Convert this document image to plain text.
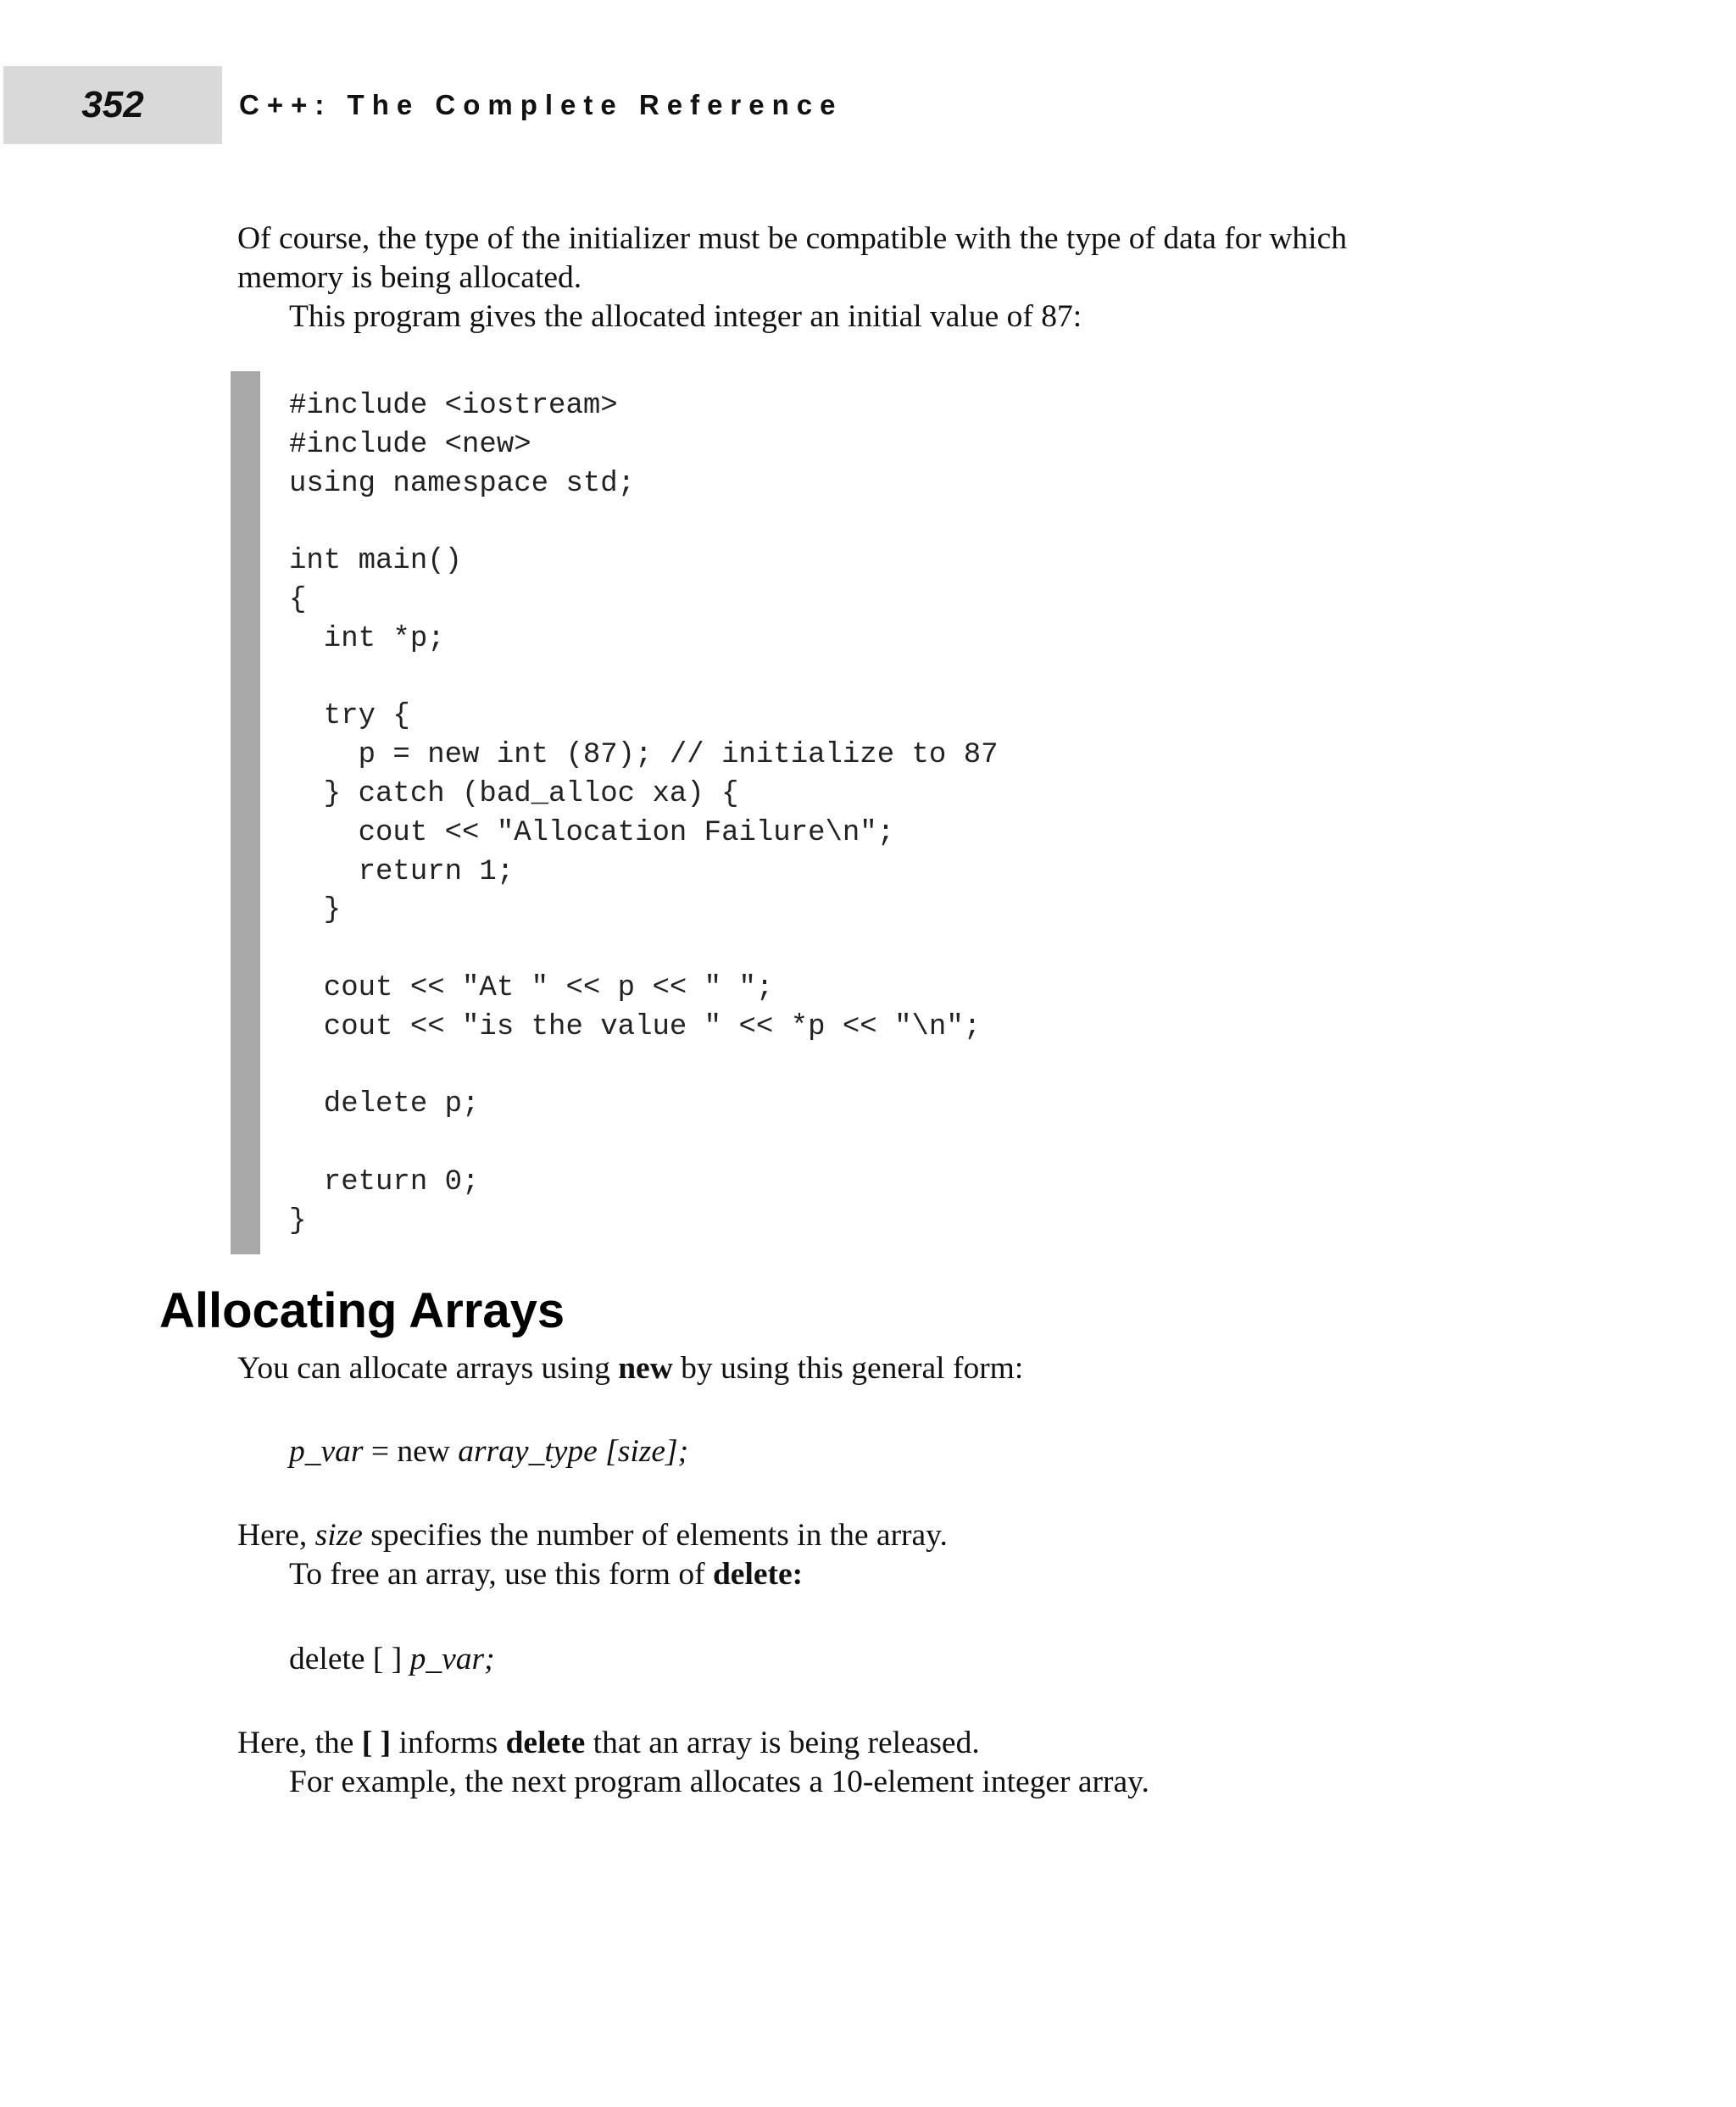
352	C++: The Complete Reference
Of course, the type of the initializer must be compatible with the type of data for which
memory is being allocated.
This program gives the allocated integer an initial value of 87:
#include <iostream>
#include <new>
using namespace std;
int main()
{
int *p;
try {
p = new int (87); // initialize to 87
} catch (bad_alloc xa) {
cout << "Allocation Failure\n";
return 1;
}
cout << "At " << p << " ";
cout << "is the value " << *p << "\n";
delete p;
return 0;
}
Allocating Arrays
You can allocate arrays using new by using this general form:
p_var = new array_type [size];
Here, size specifies the number of elements in the array.
To free an array, use this form of delete:
delete [ ] p_var;
Here, the [ ] informs delete that an array is being released.
For example, the next program allocates a 10-element integer array.
